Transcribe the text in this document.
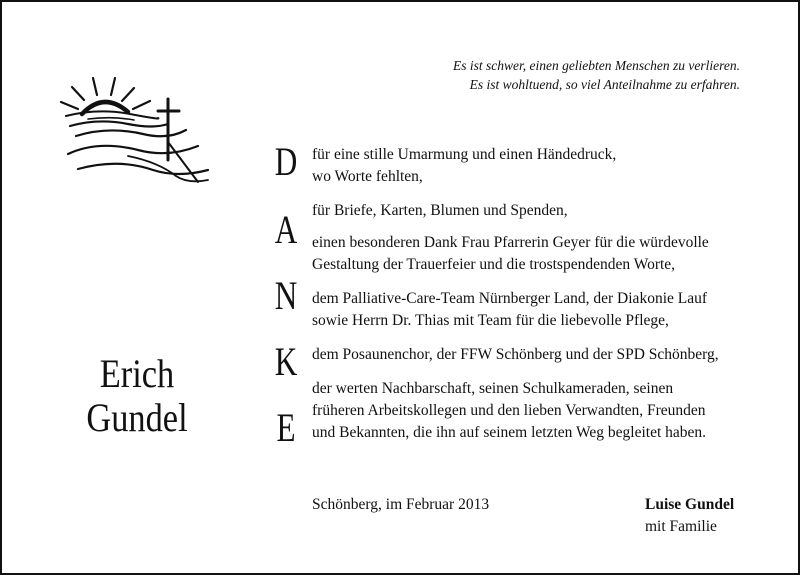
Es ist schwer, einen geliebten Menschen zu verlieren.
Es ist wohltuend, so viel Anteilnahme zu erfahren.
Erich
Gundel
D
A
N
K
E
für eine stille Umarmung und einen Händedruck,
wo Worte fehlten,
für Briefe, Karten, Blumen und Spenden,
einen besonderen Dank Frau Pfarrerin Geyer für die würdevolle
Gestaltung der Trauerfeier und die trostspendenden Worte,
dem Palliative-Care-Team Nürnberger Land, der Diakonie Lauf
sowie Herrn Dr. Thias mit Team für die liebevolle Pflege,
dem Posaunenchor, der FFW Schönberg und der SPD Schönberg,
der werten Nachbarschaft, seinen Schulkameraden, seinen
früheren Arbeitskollegen und den lieben Verwandten, Freunden
und Bekannten, die ihn auf seinem letzten Weg begleitet haben.
Schönberg, im Februar 2013	Luise Gundel
mit Familie
